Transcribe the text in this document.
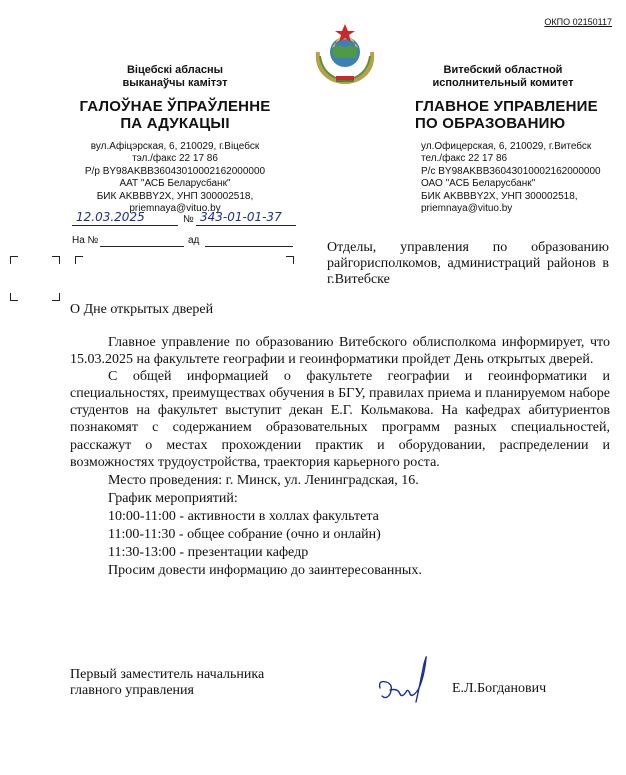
ОКПО 02150117
Віцебскі абласны
выканаўчы камітэт
ГАЛОЎНАЕ ЎПРАЎЛЕННЕ
ПА АДУКАЦЫІ
вул.Афіцэрская, 6, 210029, г.Віцебск
тэл./факс 22 17 86
Р/р BY98AKBB36043010002162000000
ААТ "АСБ Беларусбанк"
БИК AKBBBY2X, УНП 300002518,
priemnaya@vituo.by
Витебский областной
исполнительный комитет
ГЛАВНОЕ УПРАВЛЕНИЕ
ПО ОБРАЗОВАНИЮ
ул.Офицерская, 6, 210029, г.Витебск
тел./факс 22 17 86
Р/с BY98AKBB36043010002162000000
ОАО "АСБ Беларусбанк"
БИК AKBBBY2X, УНП 300002518,
priemnaya@vituo.by
12.03.2025	№ 343-01-01-37
На №	ад	Отделы, управления по образованию райгорисполкомов, администраций районов в г.Витебске
О Дне открытых дверей

Главное управление по образованию Витебского облисполкома информирует, что 15.03.2025 на факультете географии и геоинформатики пройдет День открытых дверей.

С общей информацией о факультете географии и геоинформатики и специальностях, преимуществах обучения в БГУ, правилах приема и планируемом наборе студентов на факультет выступит декан Е.Г. Кольмакова. На кафедрах абитуриентов познакомят с содержанием образовательных программ разных специальностей, расскажут о местах прохождении практик и оборудовании, распределении и возможностях трудоустройства, траектория карьерного роста.

Место проведения: г. Минск, ул. Ленинградская, 16.

График мероприятий:

10:00-11:00 - активности в холлах факультета

11:00-11:30 - общее собрание (очно и онлайн)

11:30-13:00 - презентации кафедр

Просим довести информацию до заинтересованных.

Первый заместитель начальника
главного управления	Е.Л.Богданович
